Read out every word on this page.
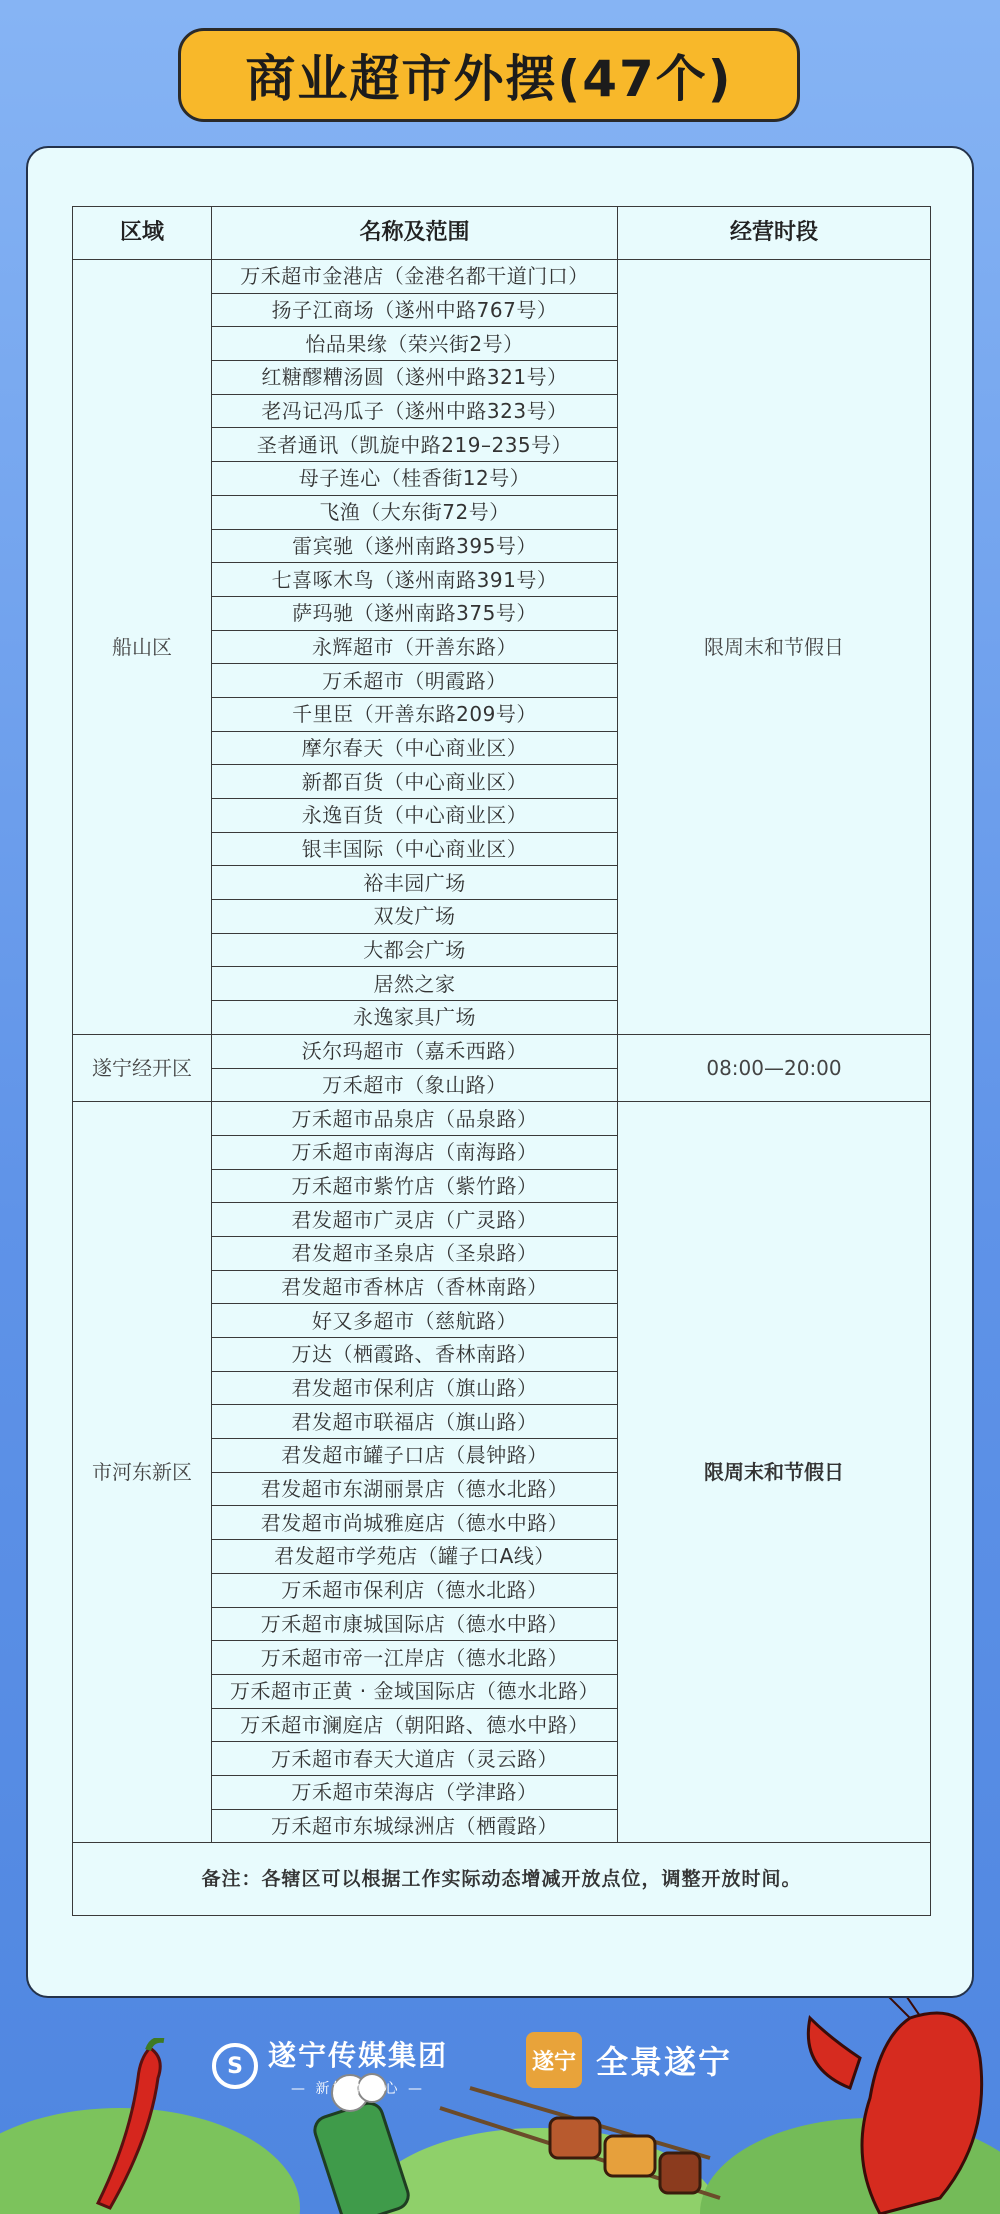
商业超市外摆(47个)
区域	名称及范围	经营时段
船山区	万禾超市金港店（金港名都干道门口）	限周末和节假日
	扬子江商场（遂州中路767号）	
	怡品果缘（荣兴街2号）	
	红糖醪糟汤圆（遂州中路321号）	
	老冯记冯瓜子（遂州中路323号）	
	圣者通讯（凯旋中路219–235号）	
	母子连心（桂香街12号）	
	飞渔（大东街72号）	
	雷宾驰（遂州南路395号）	
	七喜啄木鸟（遂州南路391号）	
	萨玛驰（遂州南路375号）	
	永辉超市（开善东路）	
	万禾超市（明霞路）	
	千里臣（开善东路209号）	
	摩尔春天（中心商业区）	
	新都百货（中心商业区）	
	永逸百货（中心商业区）	
	银丰国际（中心商业区）	
	裕丰园广场	
	双发广场	
	大都会广场	
	居然之家	
	永逸家具广场	
遂宁经开区	沃尔玛超市（嘉禾西路）	08:00—20:00
	万禾超市（象山路）	
市河东新区	万禾超市品泉店（品泉路）	限周末和节假日
	万禾超市南海店（南海路）	
	万禾超市紫竹店（紫竹路）	
	君发超市广灵店（广灵路）	
	君发超市圣泉店（圣泉路）	
	君发超市香林店（香林南路）	
	好又多超市（慈航路）	
	万达（栖霞路、香林南路）	
	君发超市保利店（旗山路）	
	君发超市联福店（旗山路）	
	君发超市罐子口店（晨钟路）	
	君发超市东湖丽景店（德水北路）	
	君发超市尚城雅庭店（德水中路）	
	君发超市学苑店（罐子口A线）	
	万禾超市保利店（德水北路）	
	万禾超市康城国际店（德水中路）	
	万禾超市帝一江岸店（德水北路）	
	万禾超市正黄 · 金域国际店（德水北路）	
	万禾超市澜庭店（朝阳路、德水中路）	
	万禾超市春天大道店（灵云路）	
	万禾超市荣海店（学津路）	
	万禾超市东城绿洲店（栖霞路）	
备注：各辖区可以根据工作实际动态增减开放点位，调整开放时间。		
S 遂宁传媒集团
— 新媒体中心 —
遂宁 全景遂宁
